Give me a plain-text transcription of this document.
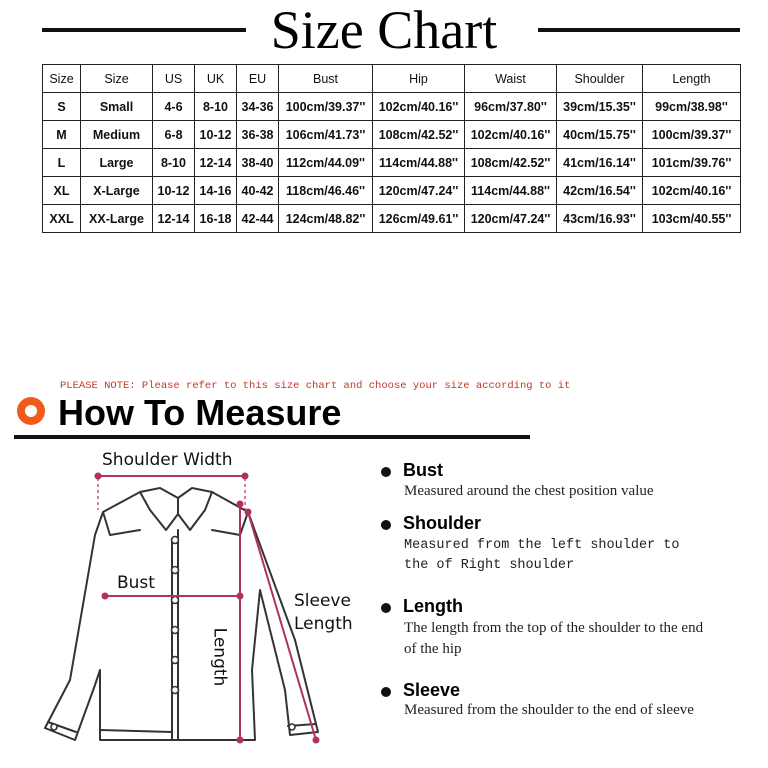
Size Chart
Size	Size	US	UK	EU	Bust	Hip	Waist	Shoulder	Length
S	Small	4-6	8-10	34-36	100cm/39.37''	102cm/40.16''	96cm/37.80''	39cm/15.35''	99cm/38.98''
M	Medium	6-8	10-12	36-38	106cm/41.73''	108cm/42.52''	102cm/40.16''	40cm/15.75''	100cm/39.37''
L	Large	8-10	12-14	38-40	112cm/44.09''	114cm/44.88''	108cm/42.52''	41cm/16.14''	101cm/39.76''
XL	X-Large	10-12	14-16	40-42	118cm/46.46''	120cm/47.24''	114cm/44.88''	42cm/16.54''	102cm/40.16''
XXL	XX-Large	12-14	16-18	42-44	124cm/48.82''	126cm/49.61''	120cm/47.24''	43cm/16.93''	103cm/40.55''
PLEASE NOTE: Please refer to this size chart and choose your size according to it
How To Measure
Shoulder Width
Bust
Length
Sleeve
Length
Bust
Measured around the chest position value
Shoulder
Measured from the left shoulder to the of Right shoulder
Length
The length from the top of the shoulder to the end of the hip
Sleeve
Measured from the shoulder to the end of sleeve
